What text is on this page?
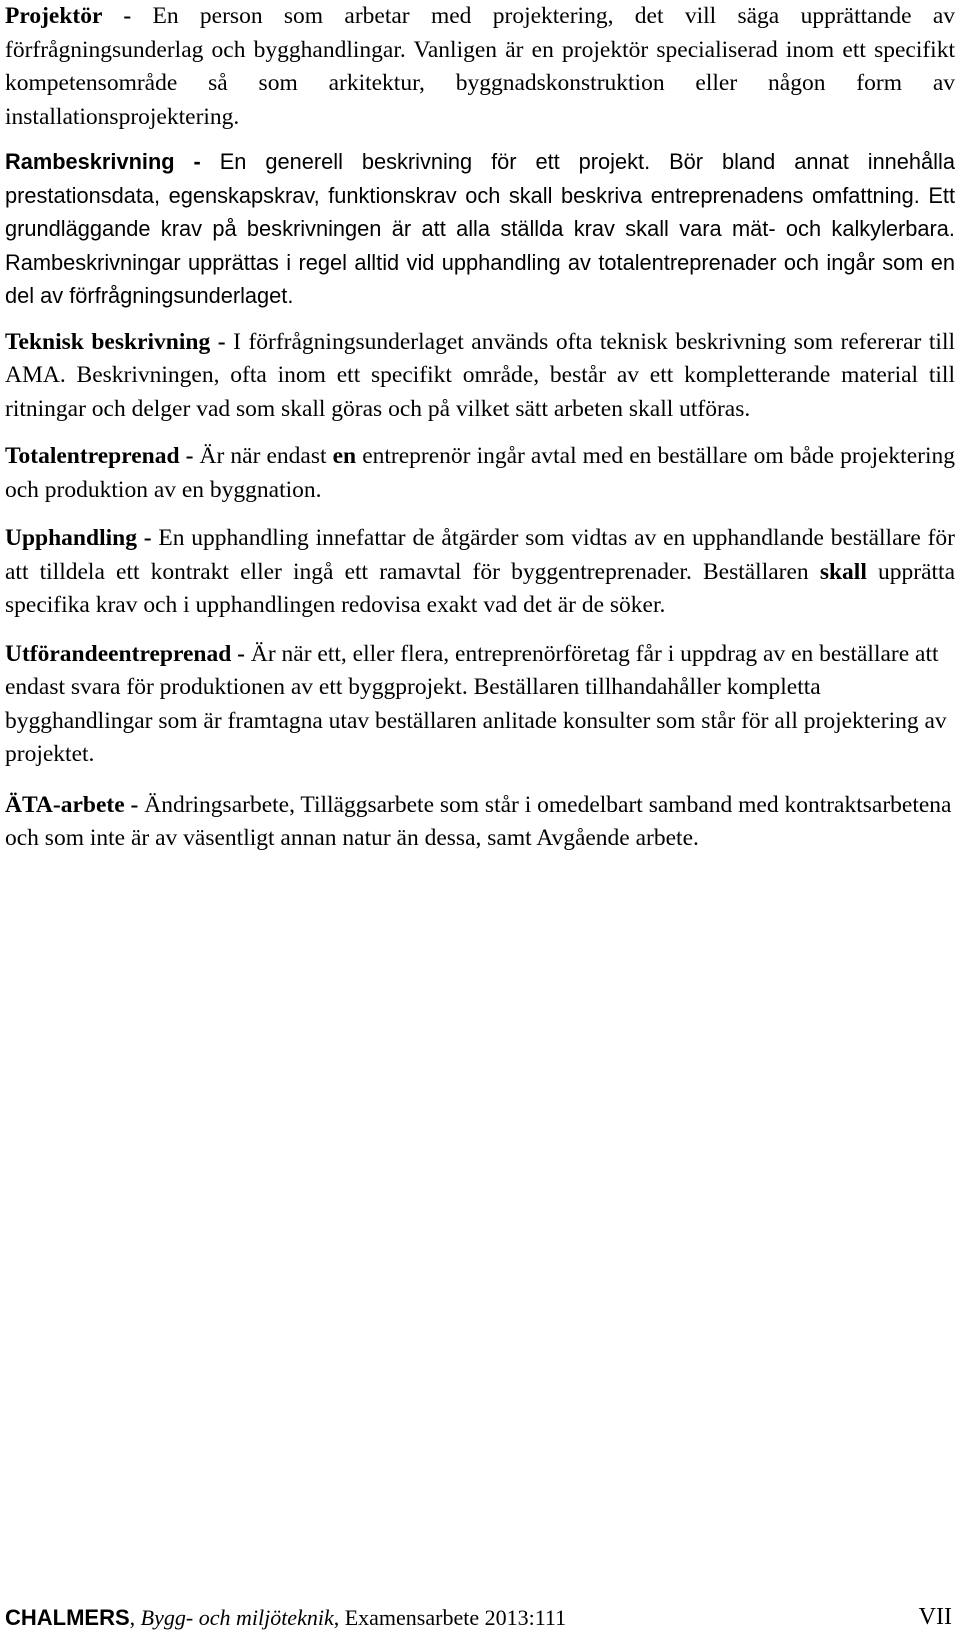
Projektör - En person som arbetar med projektering, det vill säga upprättande av förfrågningsunderlag och bygghandlingar. Vanligen är en projektör specialiserad inom ett specifikt kompetensområde så som arkitektur, byggnadskonstruktion eller någon form av installationsprojektering.

Rambeskrivning - En generell beskrivning för ett projekt. Bör bland annat innehålla prestationsdata, egenskapskrav, funktionskrav och skall beskriva entreprenadens omfattning. Ett grundläggande krav på beskrivningen är att alla ställda krav skall vara mät- och kalkylerbara. Rambeskrivningar upprättas i regel alltid vid upphandling av totalentreprenader och ingår som en del av förfrågningsunderlaget.

Teknisk beskrivning - I förfrågningsunderlaget används ofta teknisk beskrivning som refererar till AMA. Beskrivningen, ofta inom ett specifikt område, består av ett kompletterande material till ritningar och delger vad som skall göras och på vilket sätt arbeten skall utföras.

Totalentreprenad - Är när endast en entreprenör ingår avtal med en beställare om både projektering och produktion av en byggnation.

Upphandling - En upphandling innefattar de åtgärder som vidtas av en upphandlande beställare för att tilldela ett kontrakt eller ingå ett ramavtal för byggentreprenader. Beställaren skall upprätta specifika krav och i upphandlingen redovisa exakt vad det är de söker.

Utförandeentreprenad - Är när ett, eller flera, entreprenörföretag får i uppdrag av en beställare att endast svara för produktionen av ett byggprojekt. Beställaren tillhandahåller kompletta bygghandlingar som är framtagna utav beställaren anlitade konsulter som står för all projektering av projektet.

ÄTA-arbete - Ändringsarbete, Tilläggsarbete som står i omedelbart samband med kontraktsarbetena och som inte är av väsentligt annan natur än dessa, samt Avgående arbete.

CHALMERS, Bygg- och miljöteknik, Examensarbete 2013:111	VII
